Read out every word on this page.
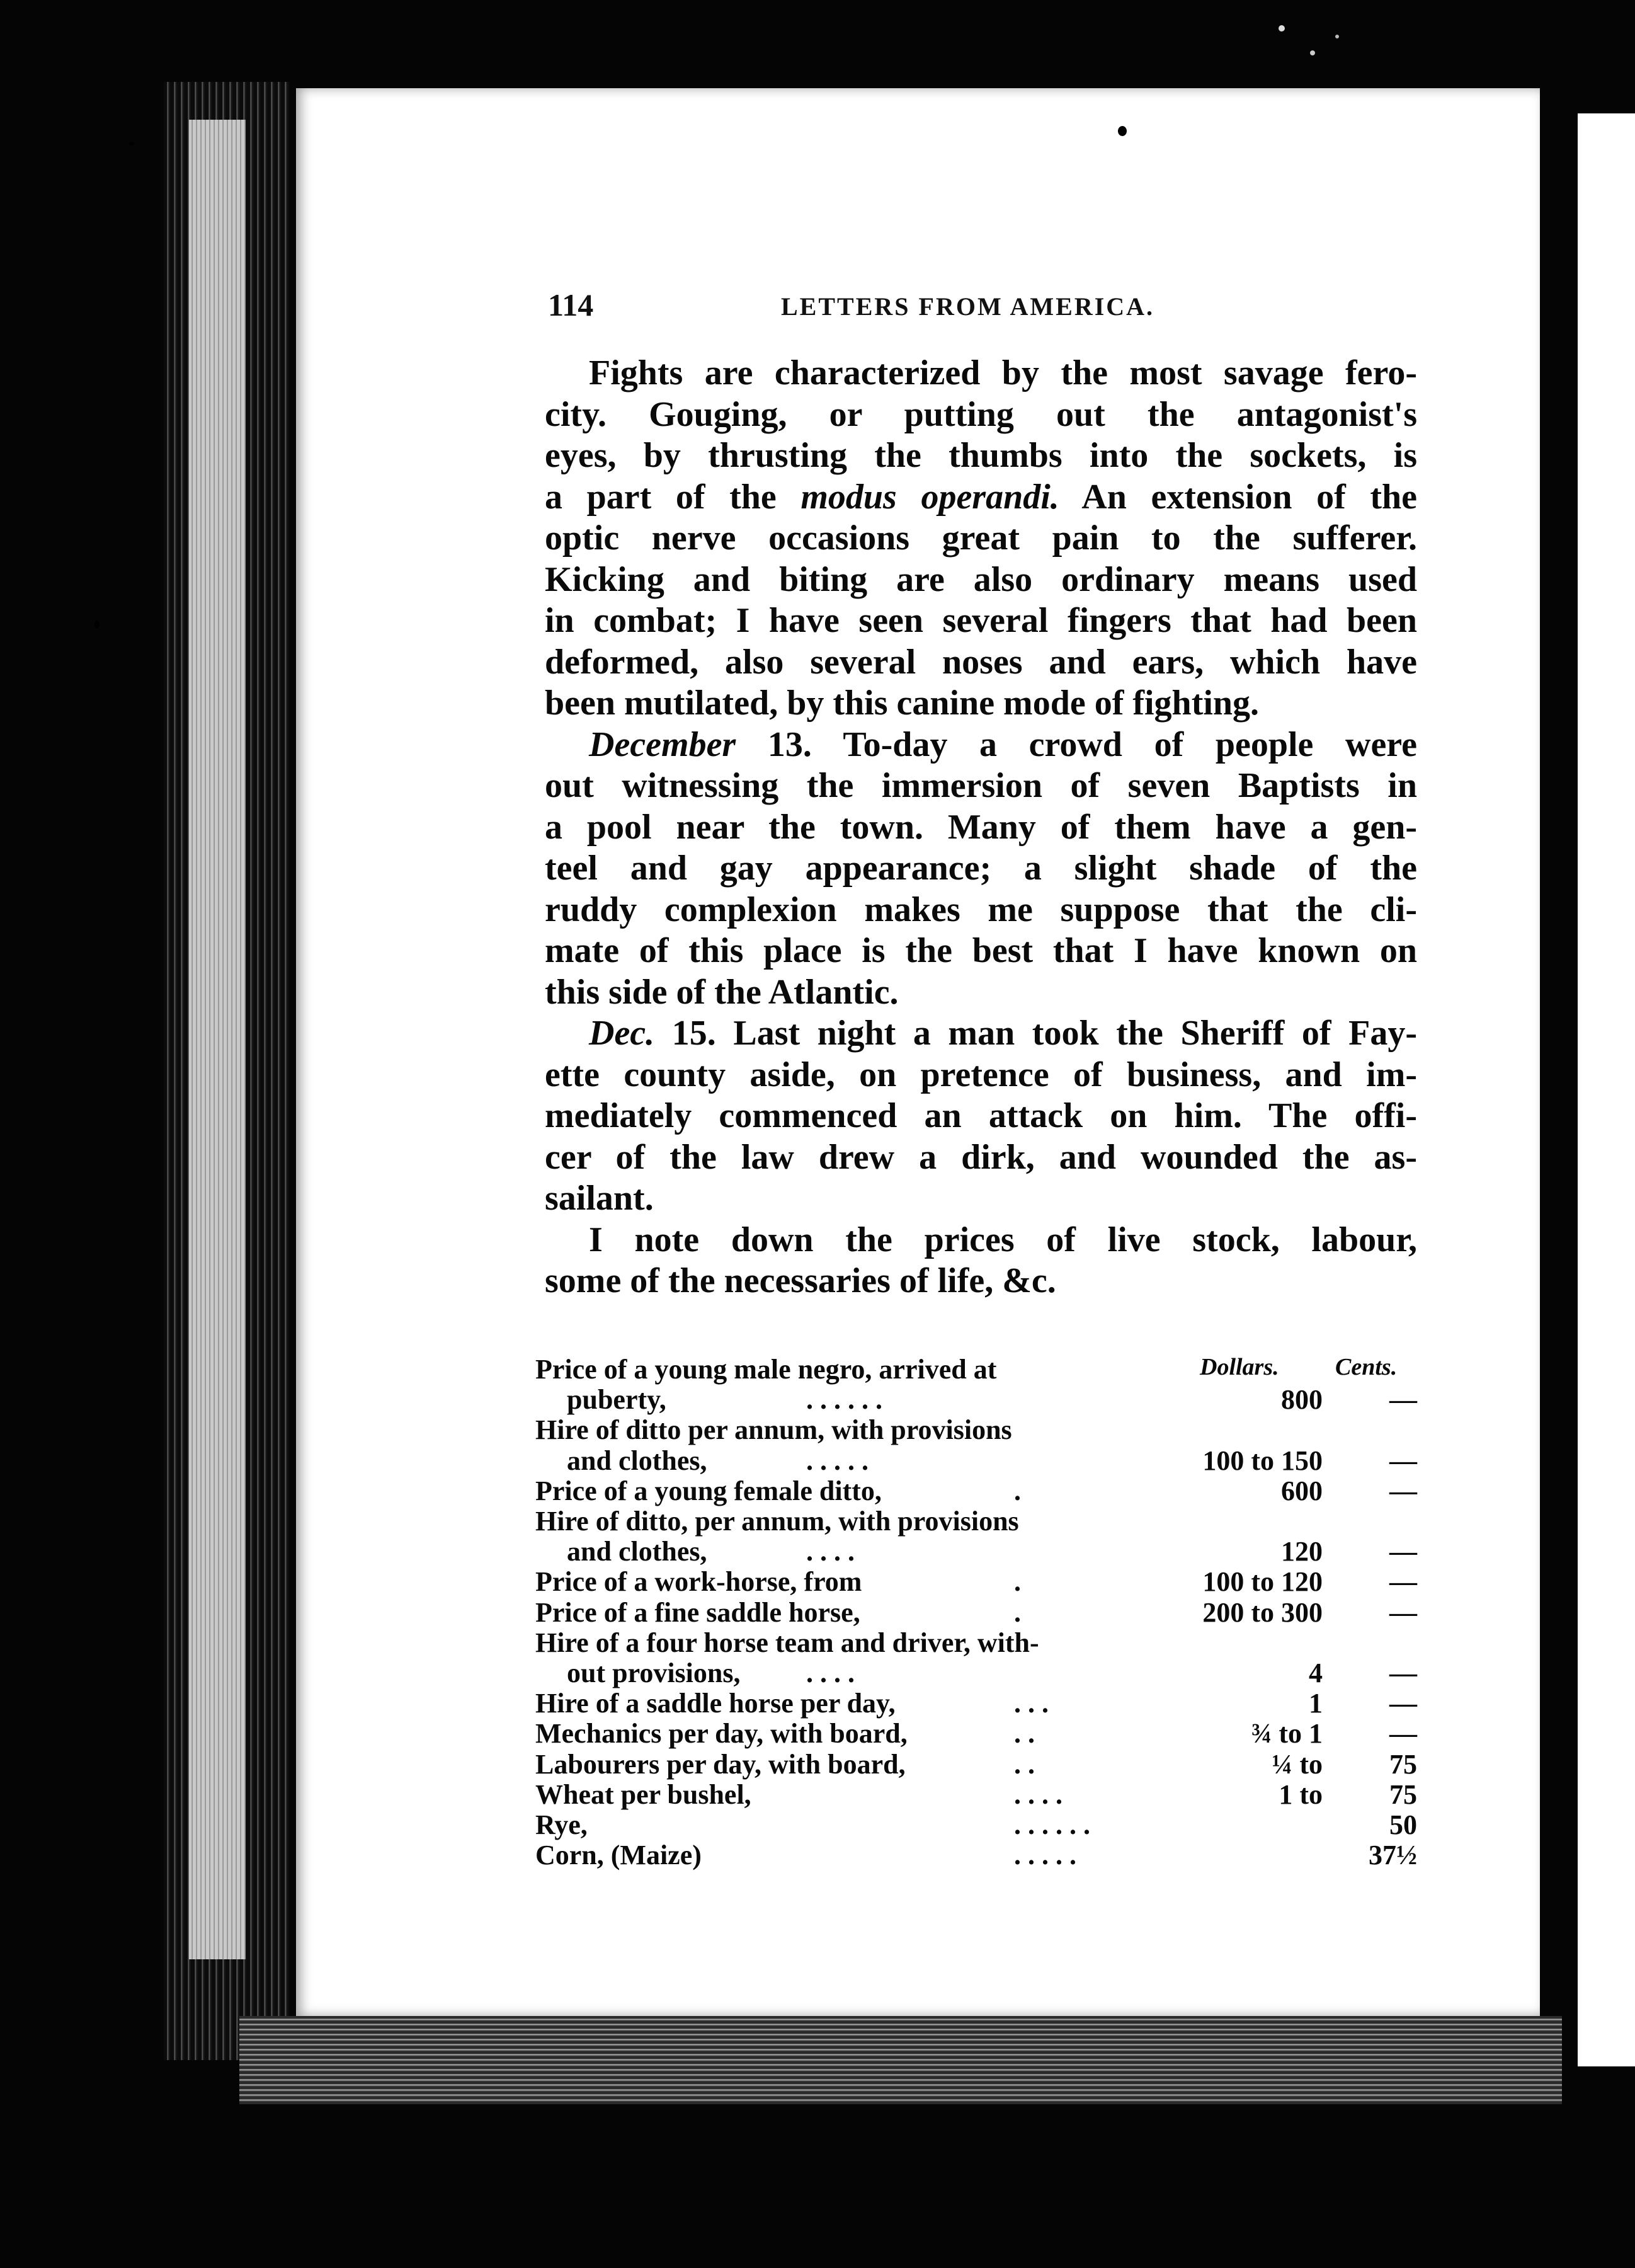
114	LETTERS FROM AMERICA.
Fights are characterized by the most savage fero-
city. Gouging, or putting out the antagonist's
eyes, by thrusting the thumbs into the sockets, is
a part of the modus operandi. An extension of the
optic nerve occasions great pain to the sufferer.
Kicking and biting are also ordinary means used
in combat; I have seen several fingers that had been
deformed, also several noses and ears, which have
been mutilated, by this canine mode of fighting.
December 13. To-day a crowd of people were
out witnessing the immersion of seven Baptists in
a pool near the town. Many of them have a gen-
teel and gay appearance; a slight shade of the
ruddy complexion makes me suppose that the cli-
mate of this place is the best that I have known on
this side of the Atlantic.
Dec. 15. Last night a man took the Sheriff of Fay-
ette county aside, on pretence of business, and im-
mediately commenced an attack on him. The offi-
cer of the law drew a dirk, and wounded the as-
sailant.
I note down the prices of live stock, labour,
some of the necessaries of life, &c.
Dollars. Cents.
Price of a young male negro, arrived at
puberty,	. . . . . .	800	—
Hire of ditto per annum, with provisions
and clothes,	. . . . .	100 to 150	—
Price of a young female ditto,	.	600	—
Hire of ditto, per annum, with provisions
and clothes,	. . . .	120	—
Price of a work-horse, from	.	100 to 120	—
Price of a fine saddle horse,	.	200 to 300	—
Hire of a four horse team and driver, with-
out provisions, . . . .	4	—
Hire of a saddle horse per day,	. . .	1	—
Mechanics per day, with board,	. .	¾ to 1	—
Labourers per day, with board,	. .	¼ to	75
Wheat per bushel,	. . . .	1 to	75
Rye,	. . . . . .	50
Corn, (Maize)	. . . . .	37½
